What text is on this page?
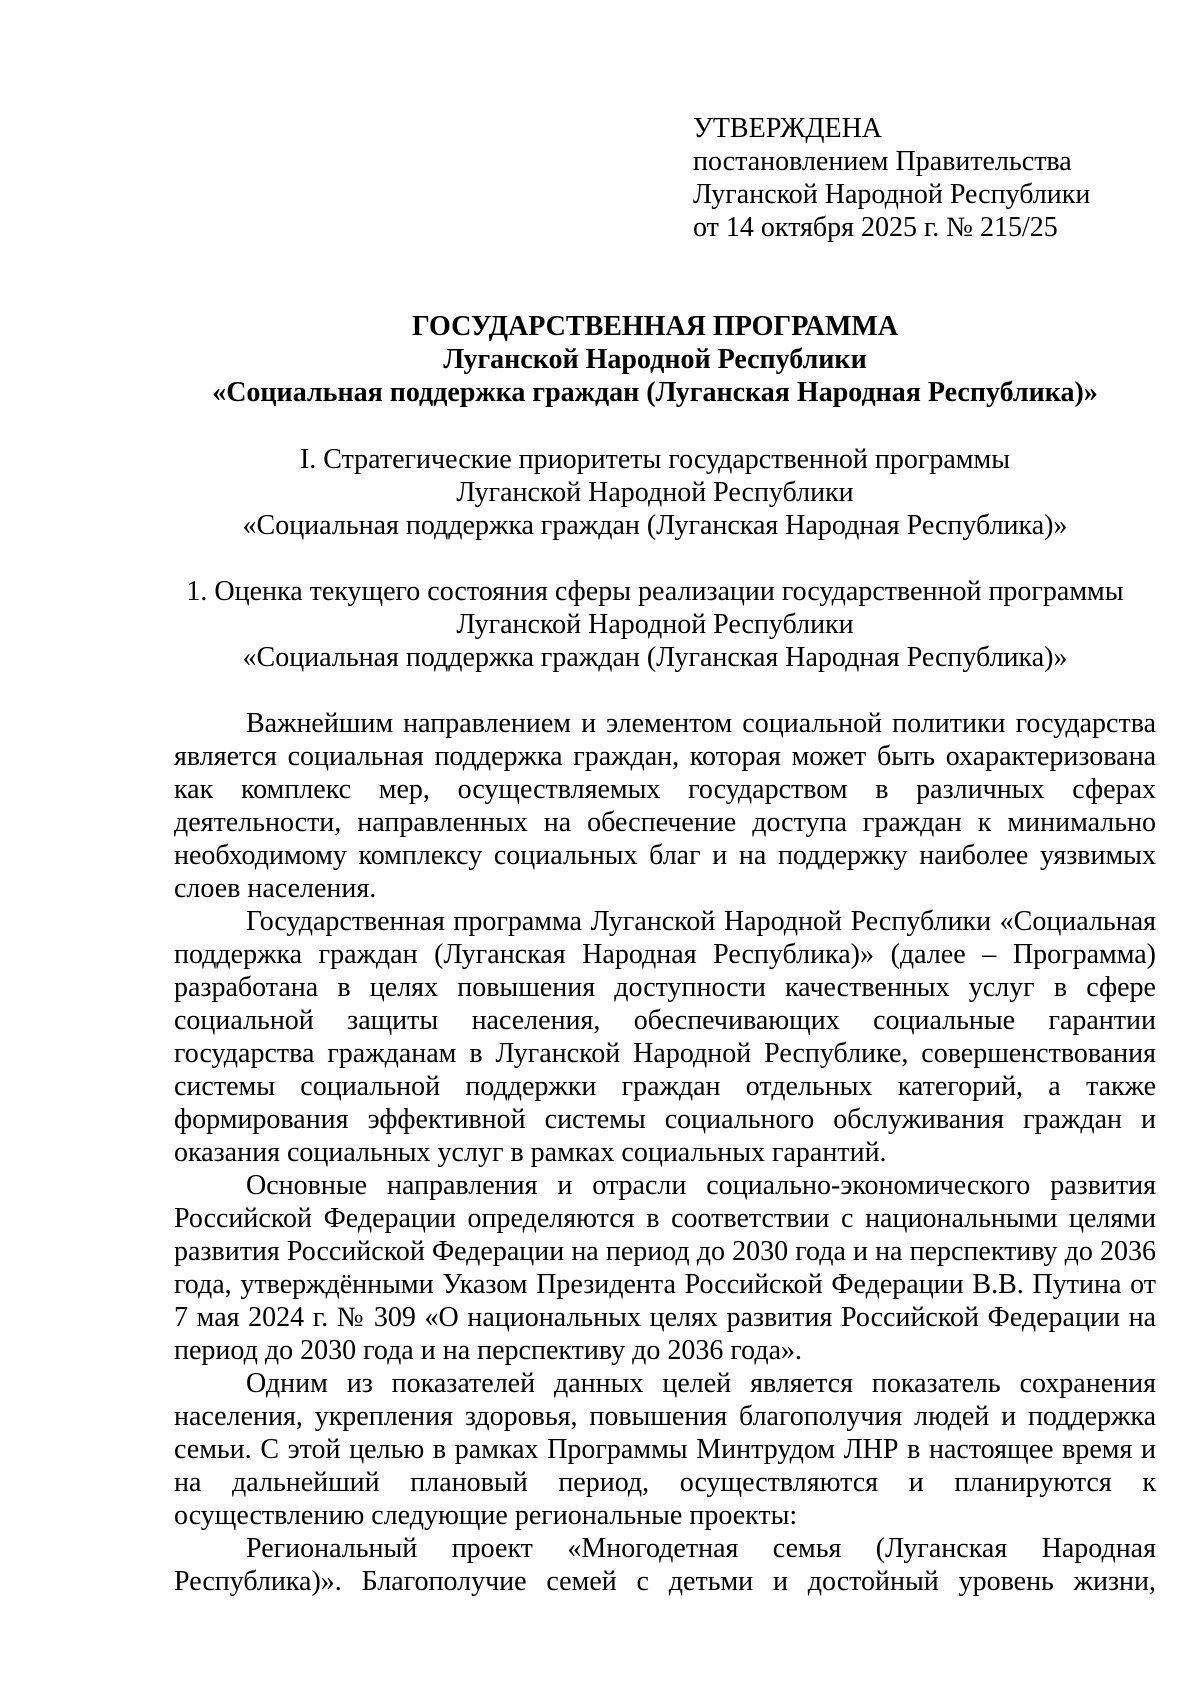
УТВЕРЖДЕНА
постановлением Правительства
Луганской Народной Республики
от 14 октября 2025 г. № 215/25
ГОСУДАРСТВЕННАЯ ПРОГРАММА
Луганской Народной Республики
«Социальная поддержка граждан (Луганская Народная Республика)»
I. Стратегические приоритеты государственной программы
Луганской Народной Республики
«Социальная поддержка граждан (Луганская Народная Республика)»
1. Оценка текущего состояния сферы реализации государственной программы
Луганской Народной Республики
«Социальная поддержка граждан (Луганская Народная Республика)»

Важнейшим направлением и элементом социальной политики государства является социальная поддержка граждан, которая может быть охарактеризована как комплекс мер, осуществляемых государством в различных сферах деятельности, направленных на обеспечение доступа граждан к минимально необходимому комплексу социальных благ и на поддержку наиболее уязвимых слоев населения.

Государственная программа Луганской Народной Республики «Социальная поддержка граждан (Луганская Народная Республика)» (далее – Программа) разработана в целях повышения доступности качественных услуг в сфере социальной защиты населения, обеспечивающих социальные гарантии государства гражданам в Луганской Народной Республике, совершенствования системы социальной поддержки граждан отдельных категорий, а также формирования эффективной системы социального обслуживания граждан и оказания социальных услуг в рамках социальных гарантий.

Основные направления и отрасли социально-экономического развития Российской Федерации определяются в соответствии с национальными целями развития Российской Федерации на период до 2030 года и на перспективу до 2036 года, утверждёнными Указом Президента Российской Федерации В.В. Путина от 7 мая 2024 г. № 309 «О национальных целях развития Российской Федерации на период до 2030 года и на перспективу до 2036 года».

Одним из показателей данных целей является показатель сохранения населения, укрепления здоровья, повышения благополучия людей и поддержка семьи. С этой целью в рамках Программы Минтрудом ЛНР в настоящее время и на дальнейший плановый период, осуществляются и планируются к осуществлению следующие региональные проекты:

Региональный проект «Многодетная семья (Луганская Народная Республика)». Благополучие семей с детьми и достойный уровень жизни,
